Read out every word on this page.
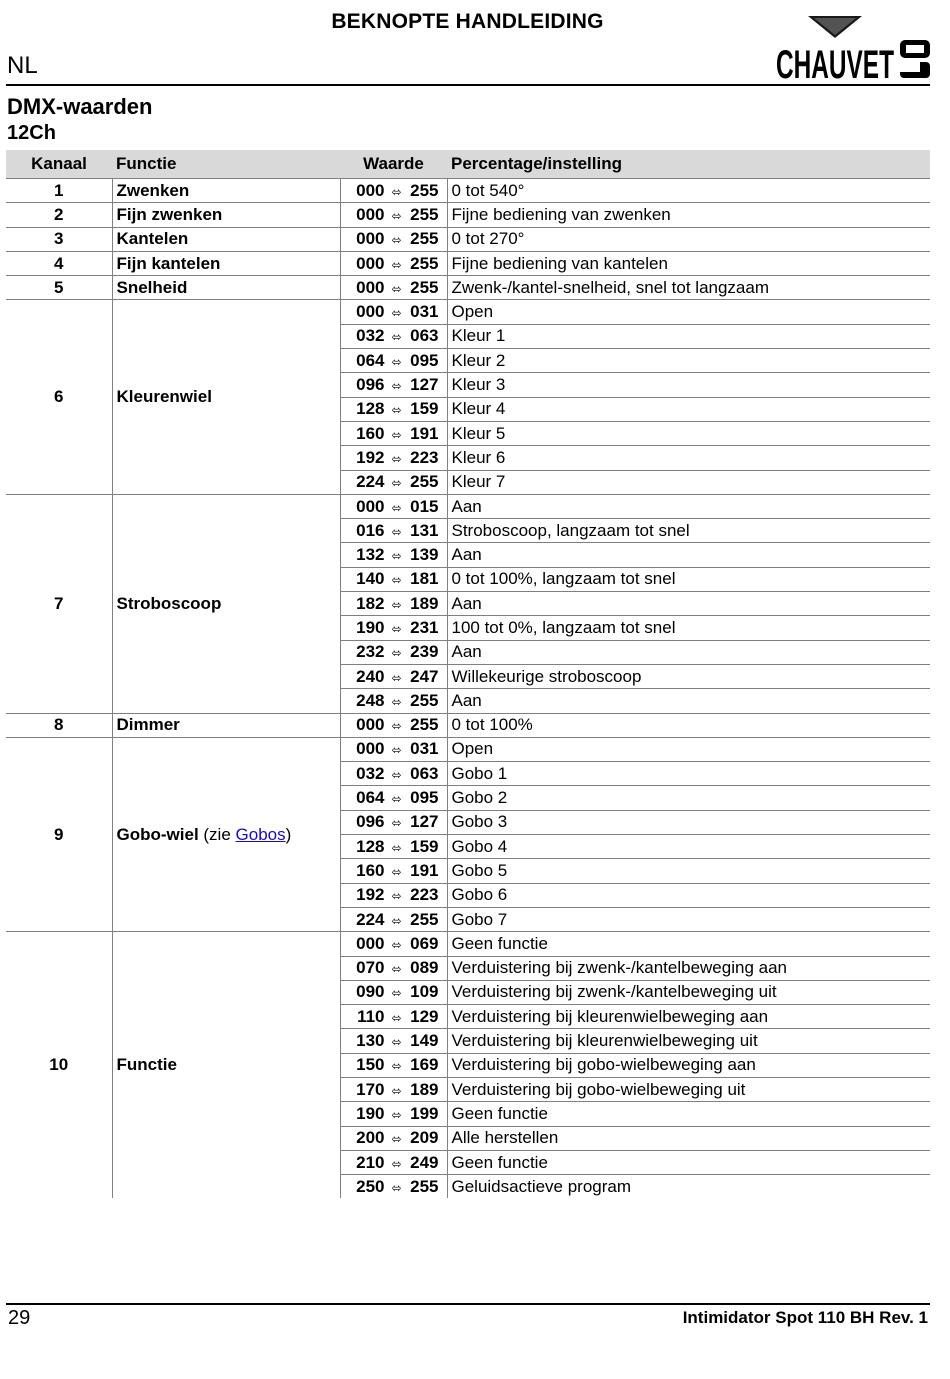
BEKNOPTE HANDLEIDING
NL	CHAUVET
DMX-waarden
12Ch
Kanaal	Functie	Waarde	Percentage/instelling
1	Zwenken	000 ⬄ 255	0 tot 540°
2	Fijn zwenken	000 ⬄ 255	Fijne bediening van zwenken
3	Kantelen	000 ⬄ 255	0 tot 270°
4	Fijn kantelen	000 ⬄ 255	Fijne bediening van kantelen
5	Snelheid	000 ⬄ 255	Zwenk-/kantel-snelheid, snel tot langzaam
6	Kleurenwiel	000 ⬄ 031	Open
		032 ⬄ 063	Kleur 1
		064 ⬄ 095	Kleur 2
		096 ⬄ 127	Kleur 3
		128 ⬄ 159	Kleur 4
		160 ⬄ 191	Kleur 5
		192 ⬄ 223	Kleur 6
		224 ⬄ 255	Kleur 7
7	Stroboscoop	000 ⬄ 015	Aan
		016 ⬄ 131	Stroboscoop, langzaam tot snel
		132 ⬄ 139	Aan
		140 ⬄ 181	0 tot 100%, langzaam tot snel
		182 ⬄ 189	Aan
		190 ⬄ 231	100 tot 0%, langzaam tot snel
		232 ⬄ 239	Aan
		240 ⬄ 247	Willekeurige stroboscoop
		248 ⬄ 255	Aan
8	Dimmer	000 ⬄ 255	0 tot 100%
9	Gobo-wiel (zie Gobos)	000 ⬄ 031	Open
		032 ⬄ 063	Gobo 1
		064 ⬄ 095	Gobo 2
		096 ⬄ 127	Gobo 3
		128 ⬄ 159	Gobo 4
		160 ⬄ 191	Gobo 5
		192 ⬄ 223	Gobo 6
		224 ⬄ 255	Gobo 7
10	Functie	000 ⬄ 069	Geen functie
		070 ⬄ 089	Verduistering bij zwenk-/kantelbeweging aan
		090 ⬄ 109	Verduistering bij zwenk-/kantelbeweging uit
		110 ⬄ 129	Verduistering bij kleurenwielbeweging aan
		130 ⬄ 149	Verduistering bij kleurenwielbeweging uit
		150 ⬄ 169	Verduistering bij gobo-wielbeweging aan
		170 ⬄ 189	Verduistering bij gobo-wielbeweging uit
		190 ⬄ 199	Geen functie
		200 ⬄ 209	Alle herstellen
		210 ⬄ 249	Geen functie
		250 ⬄ 255	Geluidsactieve program
29	Intimidator Spot 110 BH Rev. 1
